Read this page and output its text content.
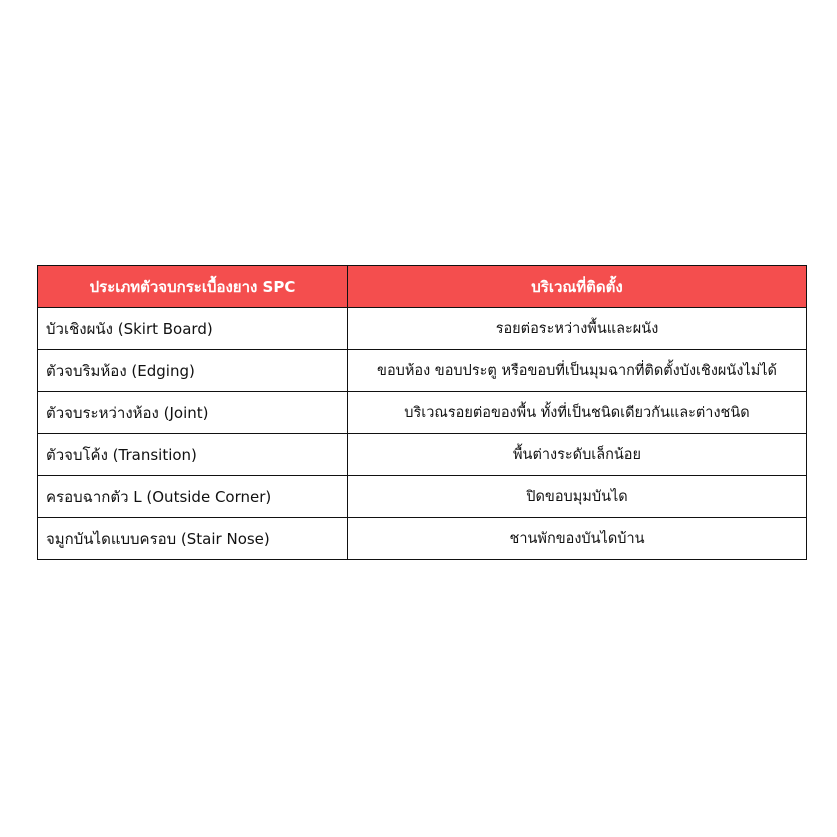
ประเภทตัวจบกระเบื้องยาง SPC	บริเวณที่ติดตั้ง
บัวเชิงผนัง (Skirt Board)	รอยต่อระหว่างพื้นและผนัง
ตัวจบริมห้อง (Edging)	ขอบห้อง ขอบประตู หรือขอบที่เป็นมุมฉากที่ติดตั้งบังเชิงผนังไม่ได้
ตัวจบระหว่างห้อง (Joint)	บริเวณรอยต่อของพื้น ทั้งที่เป็นชนิดเดียวกันและต่างชนิด
ตัวจบโค้ง (Transition)	พื้นต่างระดับเล็กน้อย
ครอบฉากตัว L (Outside Corner)	ปิดขอบมุมบันได
จมูกบันไดแบบครอบ (Stair Nose)	ชานพักของบันไดบ้าน
